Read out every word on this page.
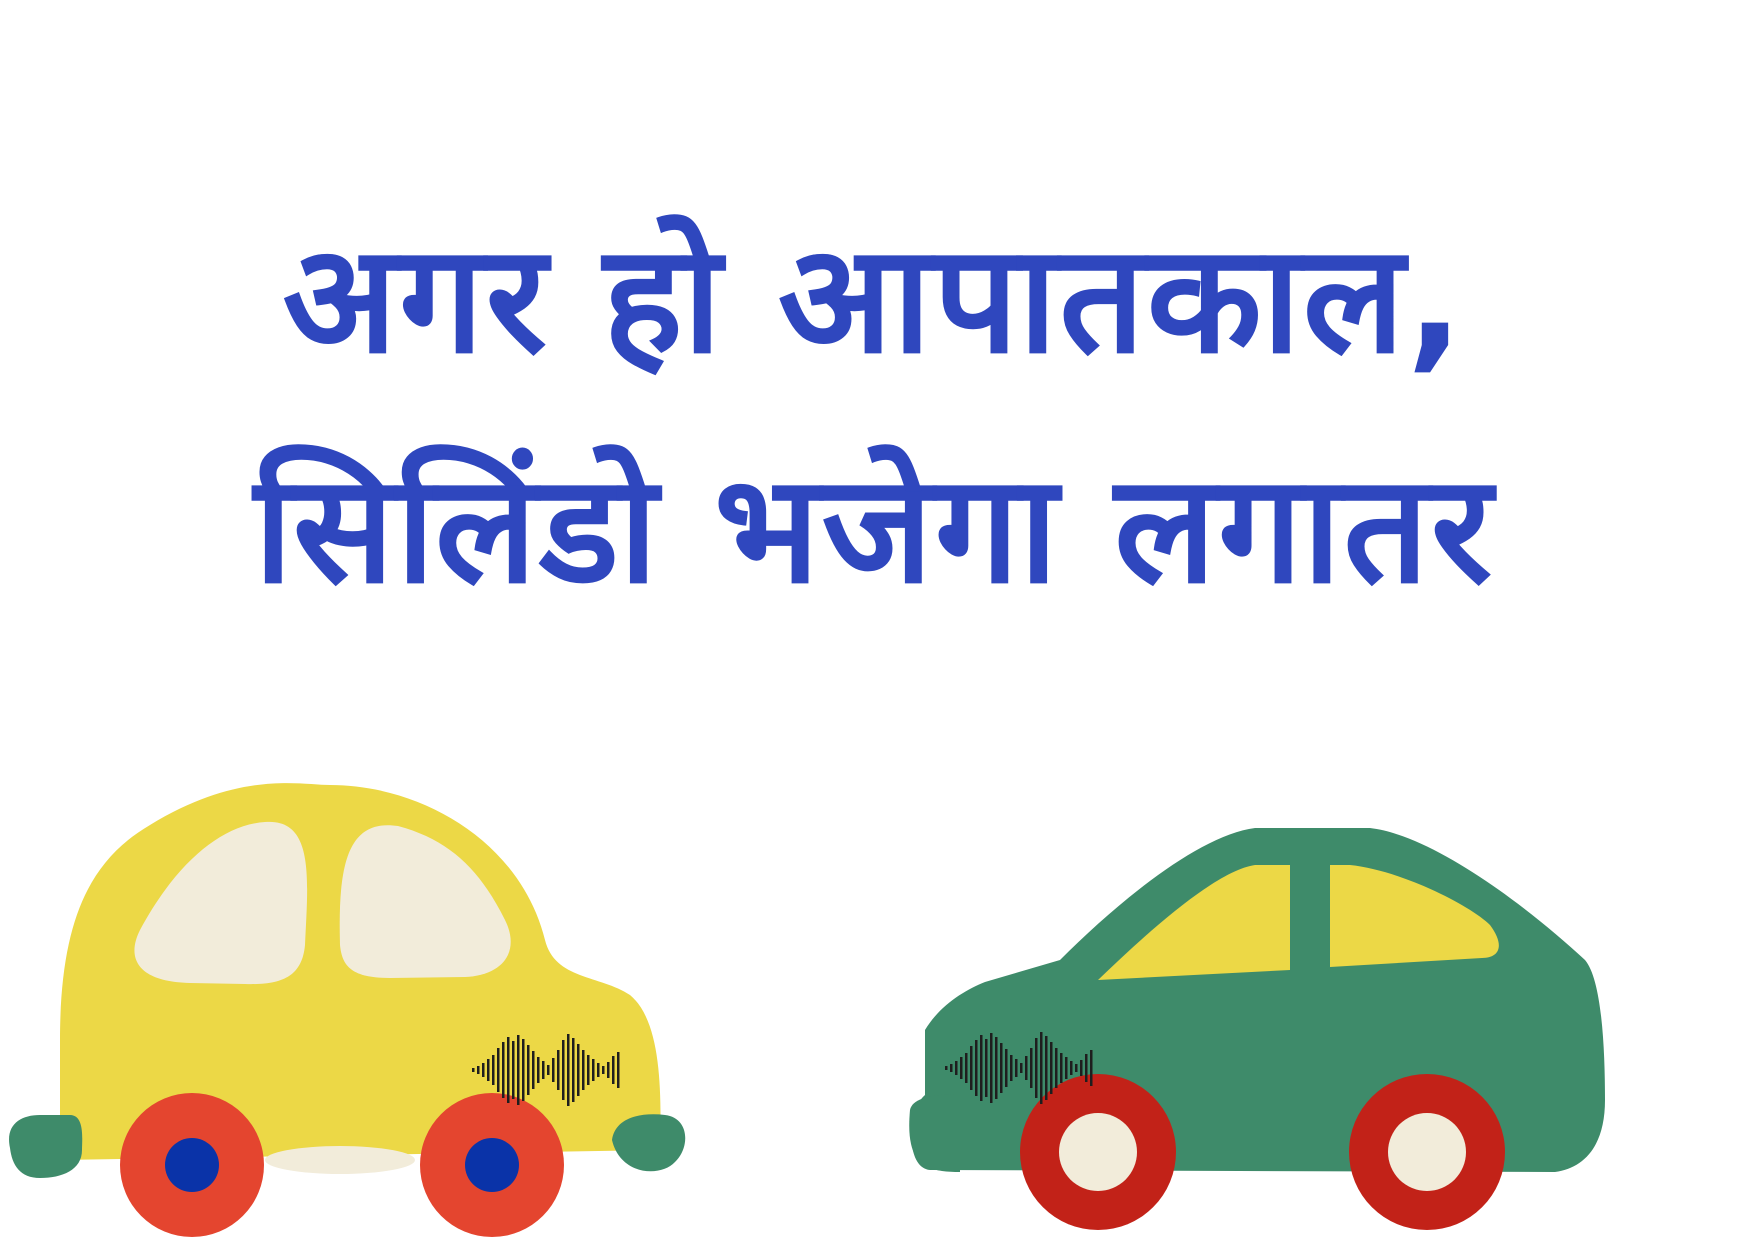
अगर हो आपातकाल,
सिलिंडो भजेगा लगातर
